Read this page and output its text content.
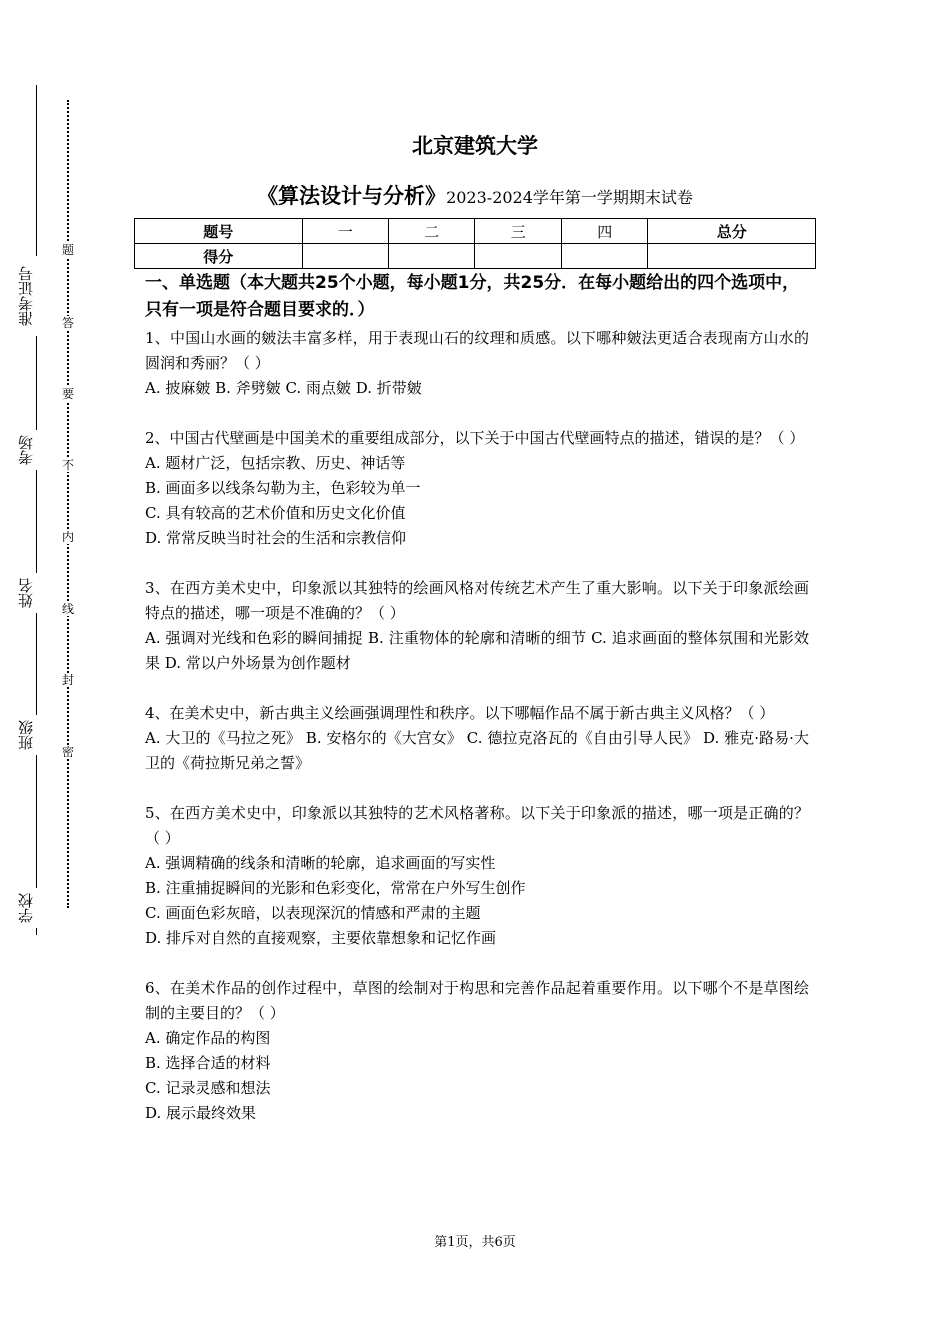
准考证号
考场
姓名
班级
学校
题
答
要
不
内
线
封
密
北京建筑大学
《算法设计与分析》2023-2024学年第一学期期末试卷
题号	一	二	三	四	总分
得分					
一、单选题（本大题共25个小题，每小题1分，共25分．在每小题给出的四个选项中，只有一项是符合题目要求的．）
1、中国山水画的皴法丰富多样，用于表现山石的纹理和质感。以下哪种皴法更适合表现南方山水的圆润和秀丽？（ ）
A. 披麻皴 B. 斧劈皴 C. 雨点皴 D. 折带皴
2、中国古代壁画是中国美术的重要组成部分，以下关于中国古代壁画特点的描述，错误的是？（ ）
A. 题材广泛，包括宗教、历史、神话等
B. 画面多以线条勾勒为主，色彩较为单一
C. 具有较高的艺术价值和历史文化价值
D. 常常反映当时社会的生活和宗教信仰
3、在西方美术史中，印象派以其独特的绘画风格对传统艺术产生了重大影响。以下关于印象派绘画特点的描述，哪一项是不准确的？（ ）
A. 强调对光线和色彩的瞬间捕捉 B. 注重物体的轮廓和清晰的细节 C. 追求画面的整体氛围和光影效果 D. 常以户外场景为创作题材
4、在美术史中，新古典主义绘画强调理性和秩序。以下哪幅作品不属于新古典主义风格？（ ）
A. 大卫的《马拉之死》 B. 安格尔的《大宫女》 C. 德拉克洛瓦的《自由引导人民》 D. 雅克·路易·大卫的《荷拉斯兄弟之誓》
5、在西方美术史中，印象派以其独特的艺术风格著称。以下关于印象派的描述，哪一项是正确的？（ ）
A. 强调精确的线条和清晰的轮廓，追求画面的写实性
B. 注重捕捉瞬间的光影和色彩变化，常常在户外写生创作
C. 画面色彩灰暗，以表现深沉的情感和严肃的主题
D. 排斥对自然的直接观察，主要依靠想象和记忆作画
6、在美术作品的创作过程中，草图的绘制对于构思和完善作品起着重要作用。以下哪个不是草图绘制的主要目的？（ ）
A. 确定作品的构图
B. 选择合适的材料
C. 记录灵感和想法
D. 展示最终效果
第1页，共6页
